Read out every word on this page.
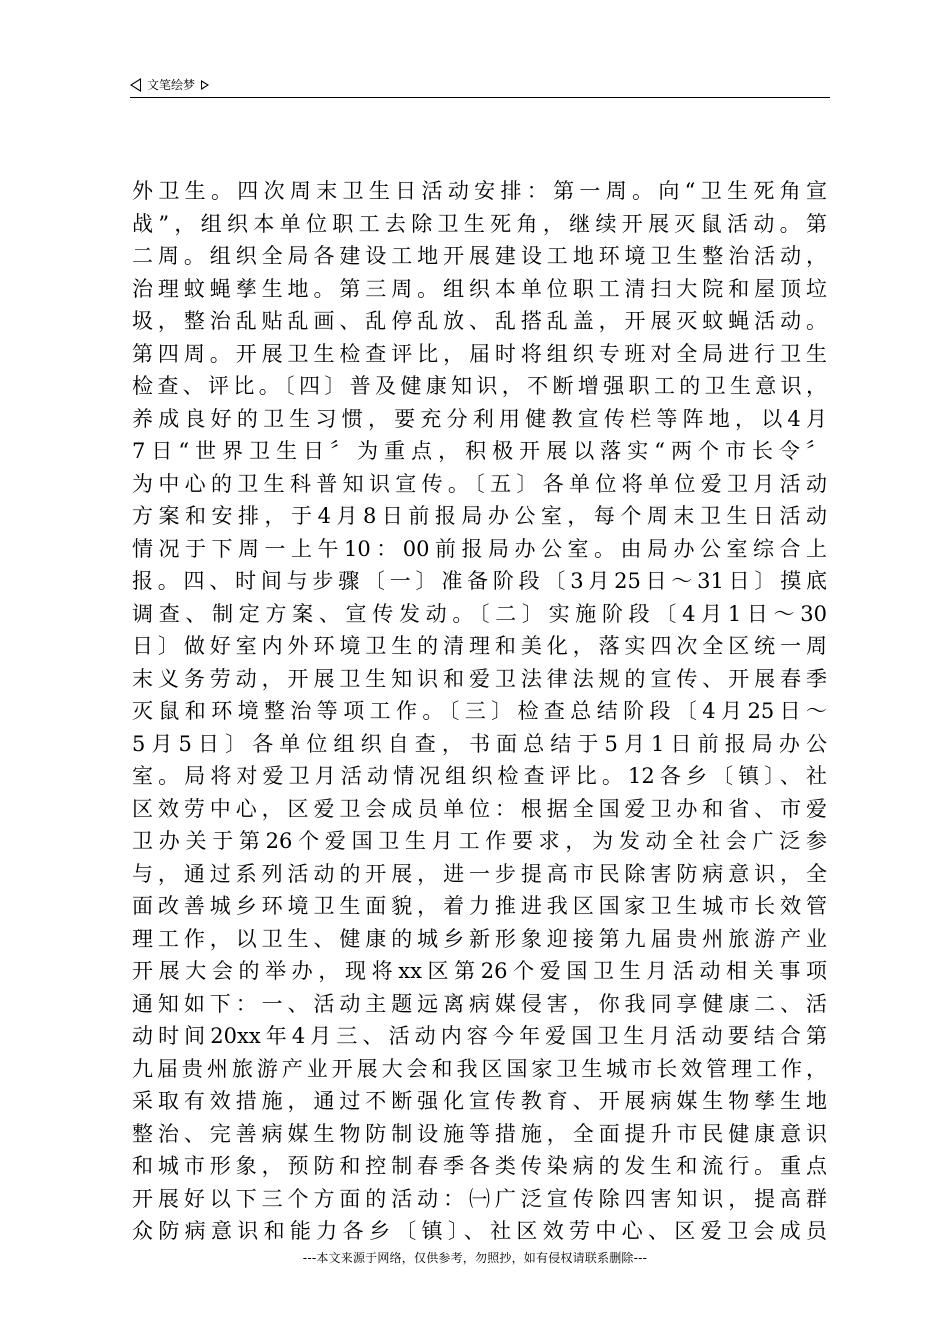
文笔绘梦
外卫生。四次周末卫生日活动安排：第一周。向“卫生死角宣
战”，组织本单位职工去除卫生死角，继续开展灭鼠活动。第
二周。组织全局各建设工地开展建设工地环境卫生整治活动，
治理蚊蝇孳生地。第三周。组织本单位职工清扫大院和屋顶垃
圾，整治乱贴乱画、乱停乱放、乱搭乱盖，开展灭蚊蝇活动。
第四周。开展卫生检查评比，届时将组织专班对全局进行卫生
检查、评比。〔四〕普及健康知识，不断增强职工的卫生意识，
养成良好的卫生习惯，要充分利用健教宣传栏等阵地，以4月
7日“世界卫生日〞为重点，积极开展以落实“两个市长令〞
为中心的卫生科普知识宣传。〔五〕各单位将单位爱卫月活动
方案和安排，于4月8日前报局办公室，每个周末卫生日活动
情况于下周一上午10：00前报局办公室。由局办公室综合上
报。四、时间与步骤〔一〕准备阶段〔3月25日～31日〕摸底
调查、制定方案、宣传发动。〔二〕实施阶段〔4月1日～30
日〕做好室内外环境卫生的清理和美化，落实四次全区统一周
末义务劳动，开展卫生知识和爱卫法律法规的宣传、开展春季
灭鼠和环境整治等项工作。〔三〕检查总结阶段〔4月25日～
5月5日〕各单位组织自查，书面总结于5月1日前报局办公
室。局将对爱卫月活动情况组织检查评比。12各乡〔镇〕、社
区效劳中心，区爱卫会成员单位：根据全国爱卫办和省、市爱
卫办关于第26个爱国卫生月工作要求，为发动全社会广泛参
与，通过系列活动的开展，进一步提高市民除害防病意识，全
面改善城乡环境卫生面貌，着力推进我区国家卫生城市长效管
理工作，以卫生、健康的城乡新形象迎接第九届贵州旅游产业
开展大会的举办，现将xx区第26个爱国卫生月活动相关事项
通知如下：一、活动主题远离病媒侵害，你我同享健康二、活
动时间20xx年4月三、活动内容今年爱国卫生月活动要结合第
九届贵州旅游产业开展大会和我区国家卫生城市长效管理工作，
采取有效措施，通过不断强化宣传教育、开展病媒生物孳生地
整治、完善病媒生物防制设施等措施，全面提升市民健康意识
和城市形象，预防和控制春季各类传染病的发生和流行。重点
开展好以下三个方面的活动：㈠广泛宣传除四害知识，提高群
众防病意识和能力各乡〔镇〕、社区效劳中心、区爱卫会成员
---本文来源于网络，仅供参考，勿照抄，如有侵权请联系删除---
